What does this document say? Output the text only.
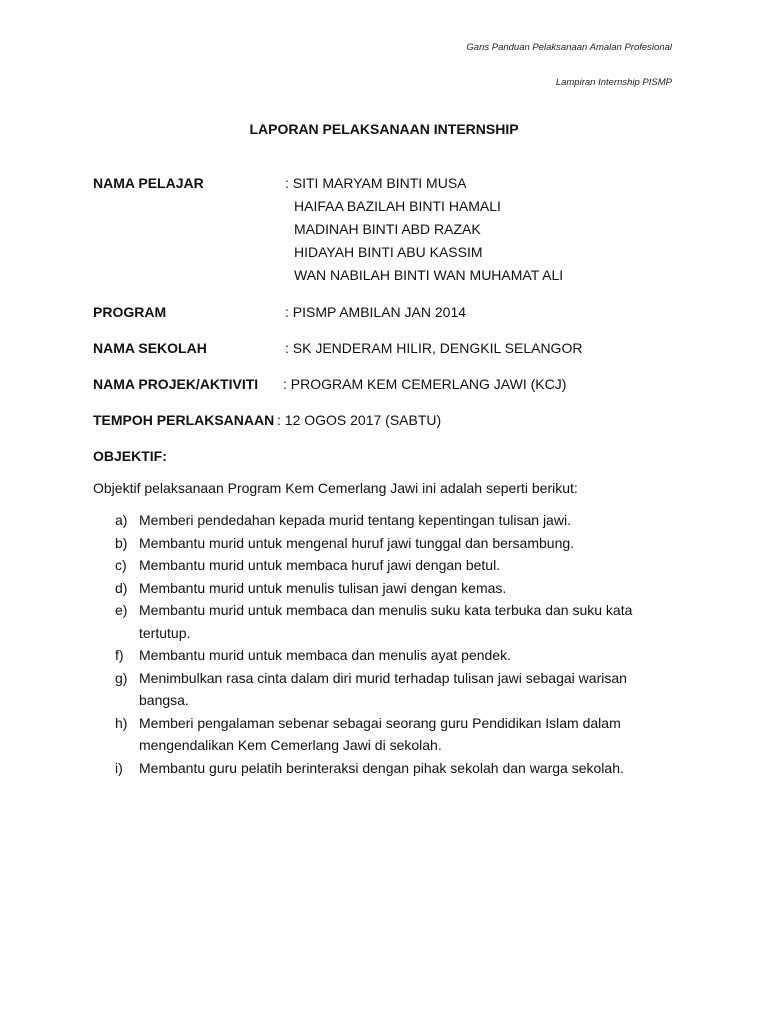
Garis Panduan Pelaksanaan Amalan Profesional
Lampiran Internship PISMP
LAPORAN PELAKSANAAN INTERNSHIP
NAMA PELAJAR	: SITI MARYAM BINTI MUSA
HAIFAA BAZILAH BINTI HAMALI
MADINAH BINTI ABD RAZAK
HIDAYAH BINTI ABU KASSIM
WAN NABILAH BINTI WAN MUHAMAT ALI
PROGRAM	: PISMP AMBILAN JAN 2014
NAMA SEKOLAH	: SK JENDERAM HILIR, DENGKIL SELANGOR
NAMA PROJEK/AKTIVITI : PROGRAM KEM CEMERLANG JAWI (KCJ)
TEMPOH PERLAKSANAAN : 12 OGOS 2017 (SABTU)
OBJEKTIF:
Objektif pelaksanaan Program Kem Cemerlang Jawi ini adalah seperti berikut:
a) Memberi pendedahan kepada murid tentang kepentingan tulisan jawi.
b) Membantu murid untuk mengenal huruf jawi tunggal dan bersambung.
c) Membantu murid untuk membaca huruf jawi dengan betul.
d) Membantu murid untuk menulis tulisan jawi dengan kemas.
e) Membantu murid untuk membaca dan menulis suku kata terbuka dan suku kata tertutup.
f) Membantu murid untuk membaca dan menulis ayat pendek.
g) Menimbulkan rasa cinta dalam diri murid terhadap tulisan jawi sebagai warisan bangsa.
h) Memberi pengalaman sebenar sebagai seorang guru Pendidikan Islam dalam mengendalikan Kem Cemerlang Jawi di sekolah.
i) Membantu guru pelatih berinteraksi dengan pihak sekolah dan warga sekolah.
